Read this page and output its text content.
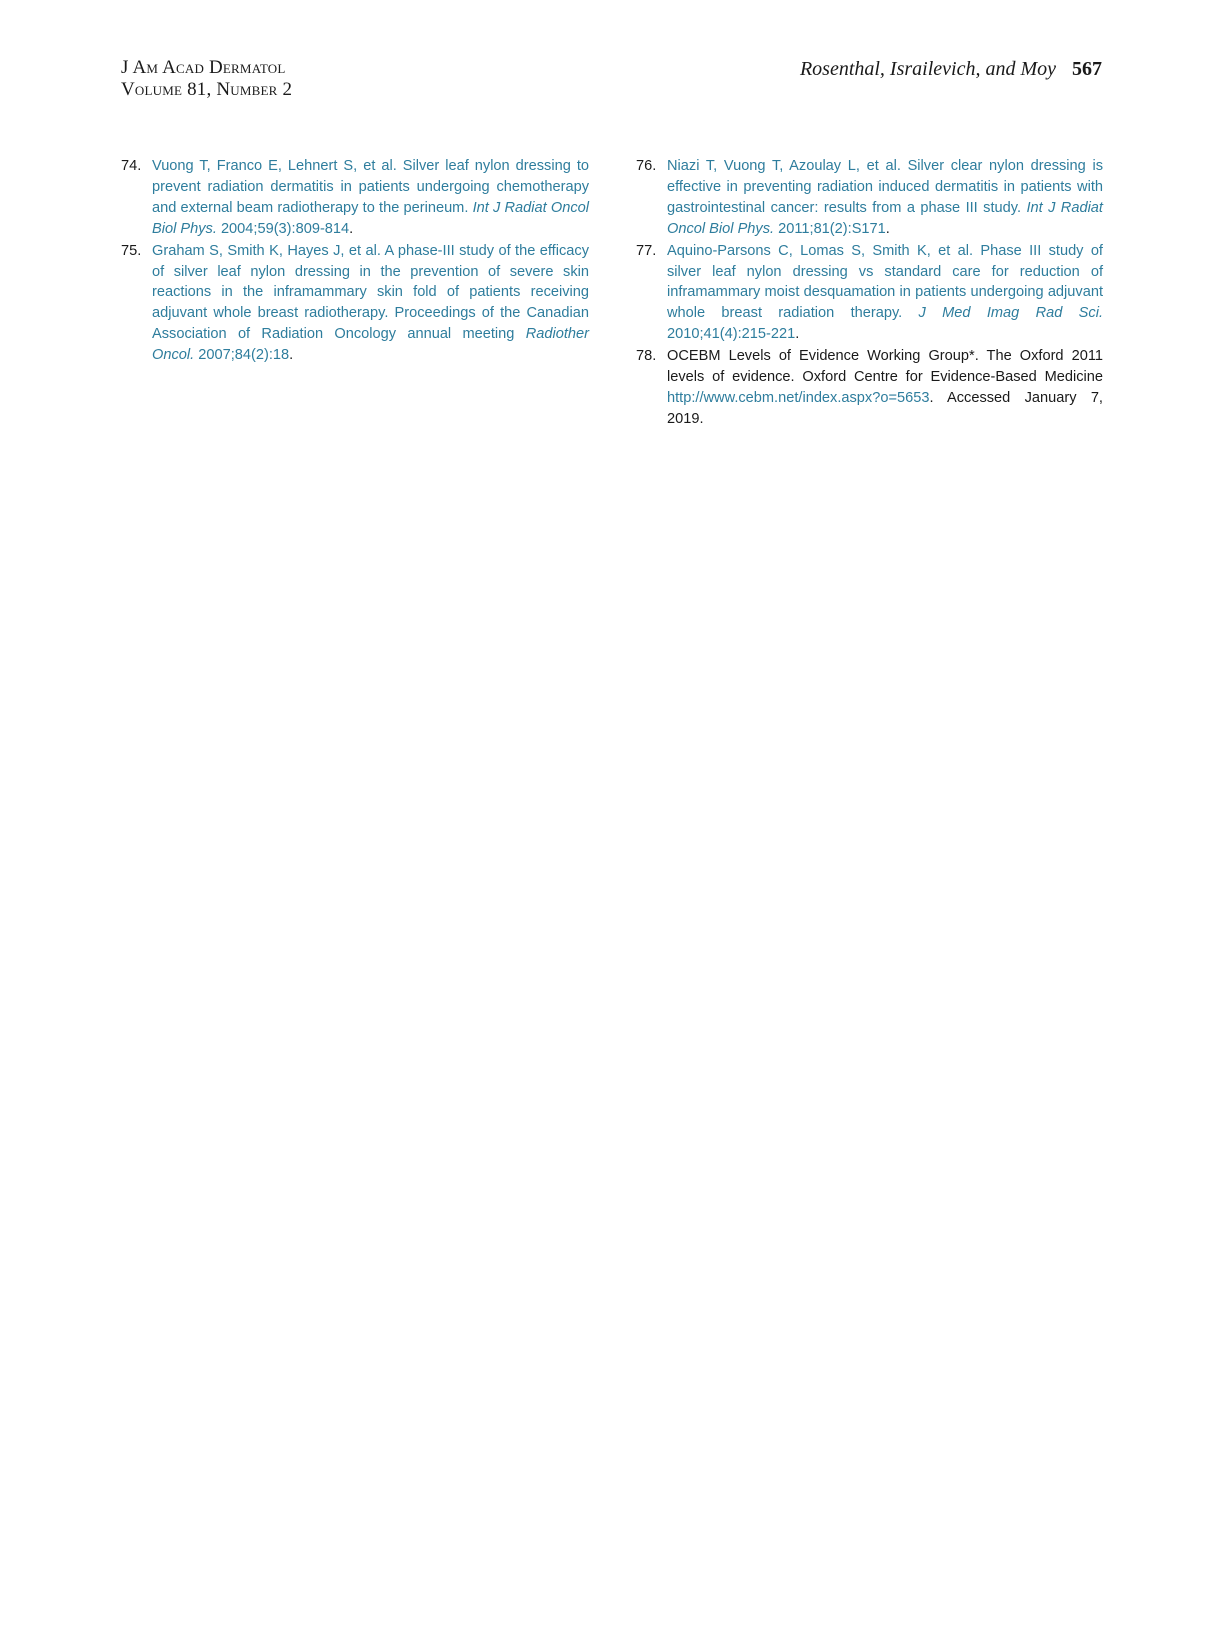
J Am Acad Dermatol
Volume 81, Number 2
Rosenthal, Israilevich, and Moy 567
74. Vuong T, Franco E, Lehnert S, et al. Silver leaf nylon dressing to prevent radiation dermatitis in patients undergoing chemotherapy and external beam radiotherapy to the perineum. Int J Radiat Oncol Biol Phys. 2004;59(3):809-814.
75. Graham S, Smith K, Hayes J, et al. A phase-III study of the efficacy of silver leaf nylon dressing in the prevention of severe skin reactions in the inframammary skin fold of patients receiving adjuvant whole breast radiotherapy. Proceedings of the Canadian Association of Radiation Oncology annual meeting Radiother Oncol. 2007;84(2):18.
76. Niazi T, Vuong T, Azoulay L, et al. Silver clear nylon dressing is effective in preventing radiation induced dermatitis in patients with gastrointestinal cancer: results from a phase III study. Int J Radiat Oncol Biol Phys. 2011;81(2):S171.
77. Aquino-Parsons C, Lomas S, Smith K, et al. Phase III study of silver leaf nylon dressing vs standard care for reduction of inframammary moist desquamation in patients undergoing adjuvant whole breast radiation therapy. J Med Imag Rad Sci. 2010;41(4):215-221.
78. OCEBM Levels of Evidence Working Group*. The Oxford 2011 levels of evidence. Oxford Centre for Evidence-Based Medicine http://www.cebm.net/index.aspx?o=5653. Accessed January 7, 2019.
